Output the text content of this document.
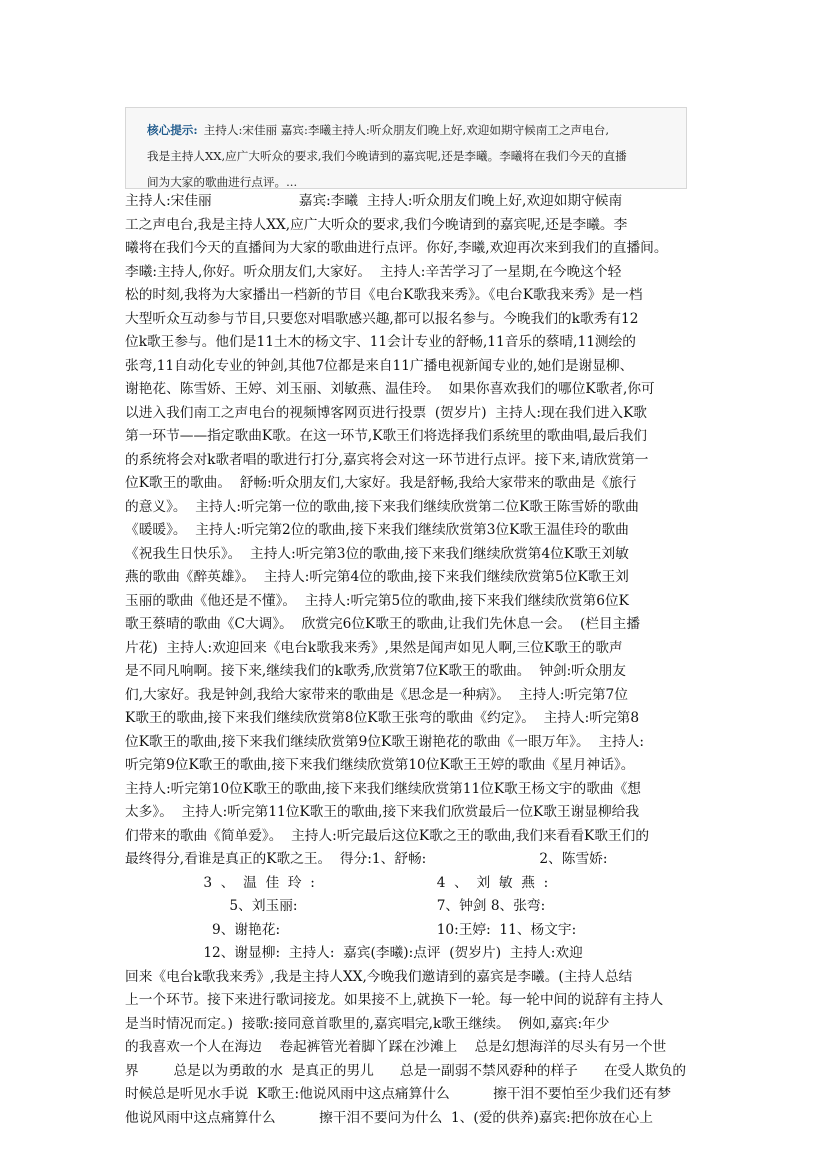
核心提示: 主持人:宋佳丽 嘉宾:李曦主持人:听众朋友们晚上好,欢迎如期守候南工之声电台,
我是主持人XX,应广大听众的要求,我们今晚请到的嘉宾呢,还是李曦。李曦将在我们今天的直播
间为大家的歌曲进行点评。...
主持人:宋佳丽                    嘉宾:李曦  主持人:听众朋友们晚上好,欢迎如期守候南
工之声电台,我是主持人XX,应广大听众的要求,我们今晚请到的嘉宾呢,还是李曦。李
曦将在我们今天的直播间为大家的歌曲进行点评。你好,李曦,欢迎再次来到我们的直播间。
李曦:主持人,你好。听众朋友们,大家好。  主持人:辛苦学习了一星期,在今晚这个轻
松的时刻,我将为大家播出一档新的节目《电台K歌我来秀》。《电台K歌我来秀》是一档
大型听众互动参与节目,只要您对唱歌感兴趣,都可以报名参与。今晚我们的k歌秀有12
位k歌王参与。他们是11土木的杨文宇、11会计专业的舒畅,11音乐的蔡晴,11测绘的
张弯,11自动化专业的钟剑,其他7位都是来自11广播电视新闻专业的,她们是谢显柳、
谢艳花、陈雪娇、王婷、刘玉丽、刘敏燕、温佳玲。  如果你喜欢我们的哪位K歌者,你可
以进入我们南工之声电台的视频博客网页进行投票  (贺岁片)  主持人:现在我们进入K歌
第一环节——指定歌曲K歌。在这一环节,K歌王们将选择我们系统里的歌曲唱,最后我们
的系统将会对k歌者唱的歌进行打分,嘉宾将会对这一环节进行点评。接下来,请欣赏第一
位K歌王的歌曲。  舒畅:听众朋友们,大家好。我是舒畅,我给大家带来的歌曲是《旅行
的意义》。  主持人:听完第一位的歌曲,接下来我们继续欣赏第二位K歌王陈雪娇的歌曲
《暖暖》。  主持人:听完第2位的歌曲,接下来我们继续欣赏第3位K歌王温佳玲的歌曲
《祝我生日快乐》。  主持人:听完第3位的歌曲,接下来我们继续欣赏第4位K歌王刘敏
燕的歌曲《醉英雄》。  主持人:听完第4位的歌曲,接下来我们继续欣赏第5位K歌王刘
玉丽的歌曲《他还是不懂》。  主持人:听完第5位的歌曲,接下来我们继续欣赏第6位K
歌王蔡晴的歌曲《C大调》。  欣赏完6位K歌王的歌曲,让我们先休息一会。  (栏目主播
片花)  主持人:欢迎回来《电台k歌我来秀》,果然是闻声如见人啊,三位K歌王的歌声
是不同凡响啊。接下来,继续我们的k歌秀,欣赏第7位K歌王的歌曲。  钟剑:听众朋友
们,大家好。我是钟剑,我给大家带来的歌曲是《思念是一种病》。  主持人:听完第7位
K歌王的歌曲,接下来我们继续欣赏第8位K歌王张弯的歌曲《约定》。  主持人:听完第8
位K歌王的歌曲,接下来我们继续欣赏第9位K歌王谢艳花的歌曲《一眼万年》。  主持人:
听完第9位K歌王的歌曲,接下来我们继续欣赏第10位K歌王王婷的歌曲《星月神话》。
主持人:听完第10位K歌王的歌曲,接下来我们继续欣赏第11位K歌王杨文宇的歌曲《想
太多》。  主持人:听完第11位K歌王的歌曲,接下来我们欣赏最后一位K歌王谢显柳给我
们带来的歌曲《简单爱》。  主持人:听完最后这位K歌之王的歌曲,我们来看看K歌王们的
最终得分,看谁是真正的K歌之王。  得分:1、舒畅:                          2、陈雪娇:
3  、  温  佳  玲  :                            4  、  刘  敏  燕  :
5、刘玉丽:                                7、钟剑 8、张弯:
9、谢艳花:                                    10:王婷:  11、杨文宇:
12、谢显柳:  主持人:  嘉宾(李曦):点评  (贺岁片)  主持人:欢迎
回来《电台k歌我来秀》,我是主持人XX,今晚我们邀请到的嘉宾是李曦。(主持人总结
上一个环节。接下来进行歌词接龙。如果接不上,就换下一轮。每一轮中间的说辞有主持人
是当时情况而定。)  接歌:接同意首歌里的,嘉宾唱完,k歌王继续。  例如,嘉宾:年少
的我喜欢一个人在海边    卷起裤管光着脚丫踩在沙滩上    总是幻想海洋的尽头有另一个世
界        总是以为勇敢的水  是真正的男儿      总是一副弱不禁风孬种的样子      在受人欺负的
时候总是听见水手说  K歌王:他说风雨中这点痛算什么          擦干泪不要怕至少我们还有梦
他说风雨中这点痛算什么          擦干泪不要问为什么  1、(爱的供养)嘉宾:把你放在心上
